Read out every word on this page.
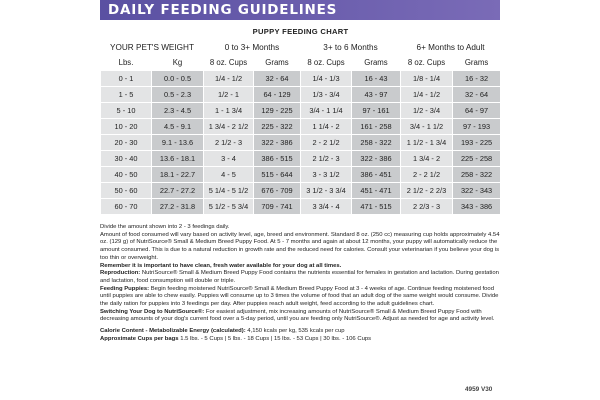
DAILY FEEDING GUIDELINES
PUPPY FEEDING CHART							
YOUR PET'S WEIGHT		0 to 3+ Months		3+ to 6 Months		6+ Months to Adult	
Lbs.	Kg	8 oz. Cups	Grams	8 oz. Cups	Grams	8 oz. Cups	Grams
0 - 1	0.0 - 0.5	1/4 - 1/2	32 - 64	1/4 - 1/3	16 - 43	1/8 - 1/4	16 - 32
1 - 5	0.5 - 2.3	1/2 - 1	64 - 129	1/3 - 3/4	43 - 97	1/4 - 1/2	32 - 64
5 - 10	2.3 - 4.5	1 - 1 3/4	129 - 225	3/4 - 1 1/4	97 - 161	1/2 - 3/4	64 - 97
10 - 20	4.5 - 9.1	1 3/4 - 2 1/2	225 - 322	1 1/4 - 2	161 - 258	3/4 - 1 1/2	97 - 193
20 - 30	9.1 - 13.6	2 1/2 - 3	322 - 386	2 - 2 1/2	258 - 322	1 1/2 - 1 3/4	193 - 225
30 - 40	13.6 - 18.1	3 - 4	386 - 515	2 1/2 - 3	322 - 386	1 3/4 - 2	225 - 258
40 - 50	18.1 - 22.7	4 - 5	515 - 644	3 - 3 1/2	386 - 451	2 - 2 1/2	258 - 322
50 - 60	22.7 - 27.2	5 1/4 - 5 1/2	676 - 709	3 1/2 - 3 3/4	451 - 471	2 1/2 - 2 2/3	322 - 343
60 - 70	27.2 - 31.8	5 1/2 - 5 3/4	709 - 741	3 3/4 - 4	471 - 515	2 2/3 - 3	343 - 386

Divide the amount shown into 2 - 3 feedings daily.

Amount of food consumed will vary based on activity level, age, breed and environment. Standard 8 oz. (250 cc) measuring cup holds approximately 4.54 oz. (129 g) of NutriSource® Small & Medium Breed Puppy Food. At 5 - 7 months and again at about 12 months, your puppy will automatically reduce the amount consumed. This is due to a natural reduction in growth rate and the reduced need for calories. Consult your veterinarian if you believe your dog is too thin or overweight.

Remember it is important to have clean, fresh water available for your dog at all times.

Reproduction: NutriSource® Small & Medium Breed Puppy Food contains the nutrients essential for females in gestation and lactation. During gestation and lactation, food consumption will double or triple.

Feeding Puppies: Begin feeding moistened NutriSource® Small & Medium Breed Puppy Food at 3 - 4 weeks of age. Continue feeding moistened food until puppies are able to chew easily. Puppies will consume up to 3 times the volume of food that an adult dog of the same weight would consume. Divide the daily ration for puppies into 3 feedings per day. After puppies reach adult weight, feed according to the adult guidelines chart.

Switching Your Dog to NutriSource®: For easiest adjustment, mix increasing amounts of NutriSource® Small & Medium Breed Puppy Food with decreasing amounts of your dog's current food over a 5-day period, until you are feeding only NutriSource®. Adjust as needed for age and activity level.

Calorie Content - Metabolizable Energy (calculated): 4,150 kcals per kg, 535 kcals per cup

Approximate Cups per bags 1.5 lbs. - 5 Cups | 5 lbs. - 18 Cups | 15 lbs. - 53 Cups | 30 lbs. - 106 Cups

4959 V30
